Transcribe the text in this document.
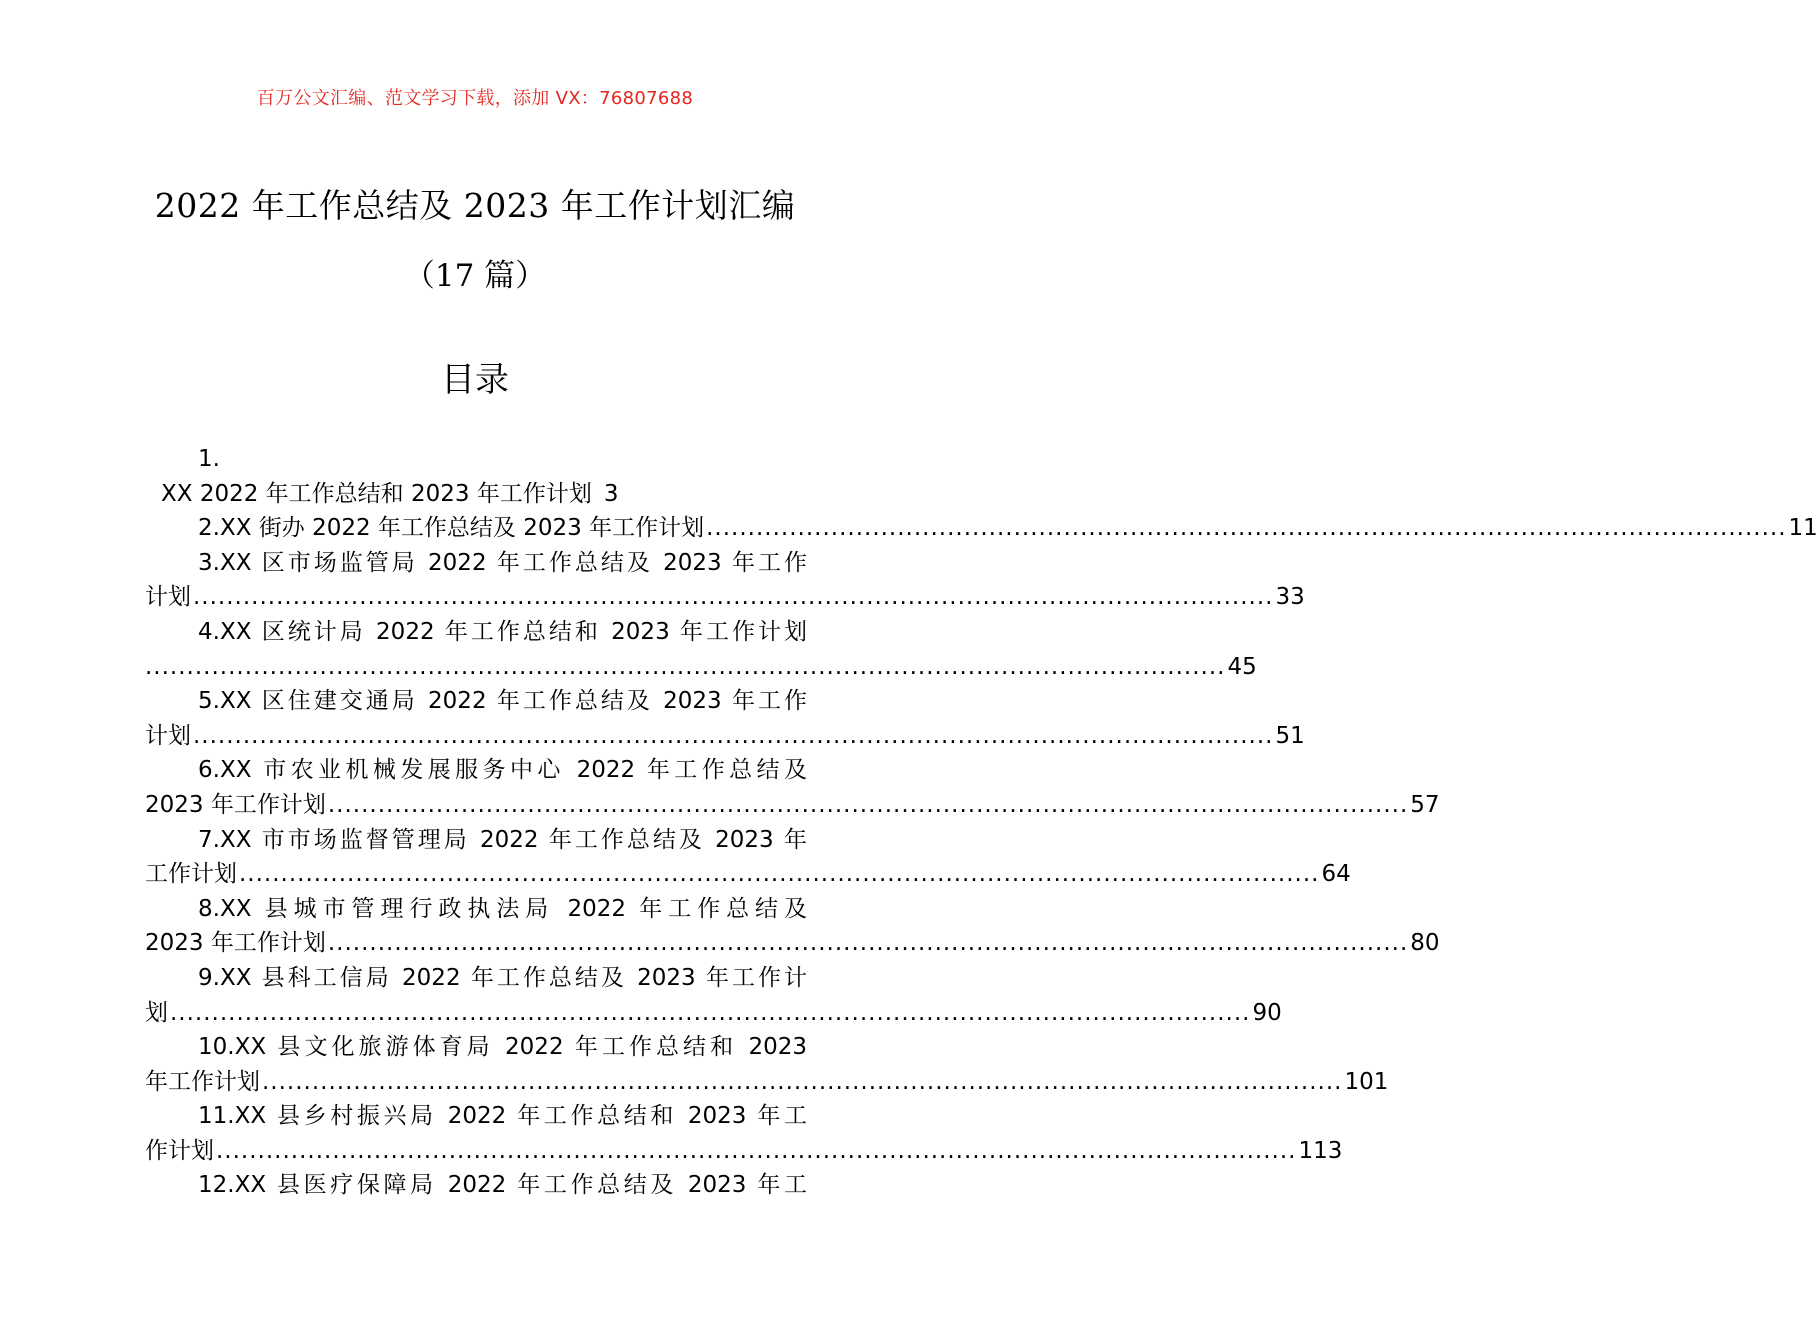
百万公文汇编、范文学习下载，添加 VX：76807688
2022 年工作总结及 2023 年工作计划汇编
（17 篇）
目录
1.
XX 2022 年工作总结和 2023 年工作计划 3
2.XX 街办 2022 年工作总结及 2023 年工作计划 .................................................................................................................................. 11
3.XX 区市场监管局 2022 年工作总结及 2023 年工作
计划 .................................................................................................................................. 33
4.XX 区统计局 2022 年工作总结和 2023 年工作计划
.................................................................................................................................. 45
5.XX 区住建交通局 2022 年工作总结及 2023 年工作
计划 .................................................................................................................................. 51
6.XX 市农业机械发展服务中心 2022 年工作总结及
2023 年工作计划 .................................................................................................................................. 57
7.XX 市市场监督管理局 2022 年工作总结及 2023 年
工作计划 .................................................................................................................................. 64
8.XX 县城市管理行政执法局 2022 年工作总结及
2023 年工作计划 .................................................................................................................................. 80
9.XX 县科工信局 2022 年工作总结及 2023 年工作计
划 .................................................................................................................................. 90
10.XX 县文化旅游体育局 2022 年工作总结和 2023
年工作计划 .................................................................................................................................. 101
11.XX 县乡村振兴局 2022 年工作总结和 2023 年工
作计划 .................................................................................................................................. 113
12.XX 县医疗保障局 2022 年工作总结及 2023 年工
